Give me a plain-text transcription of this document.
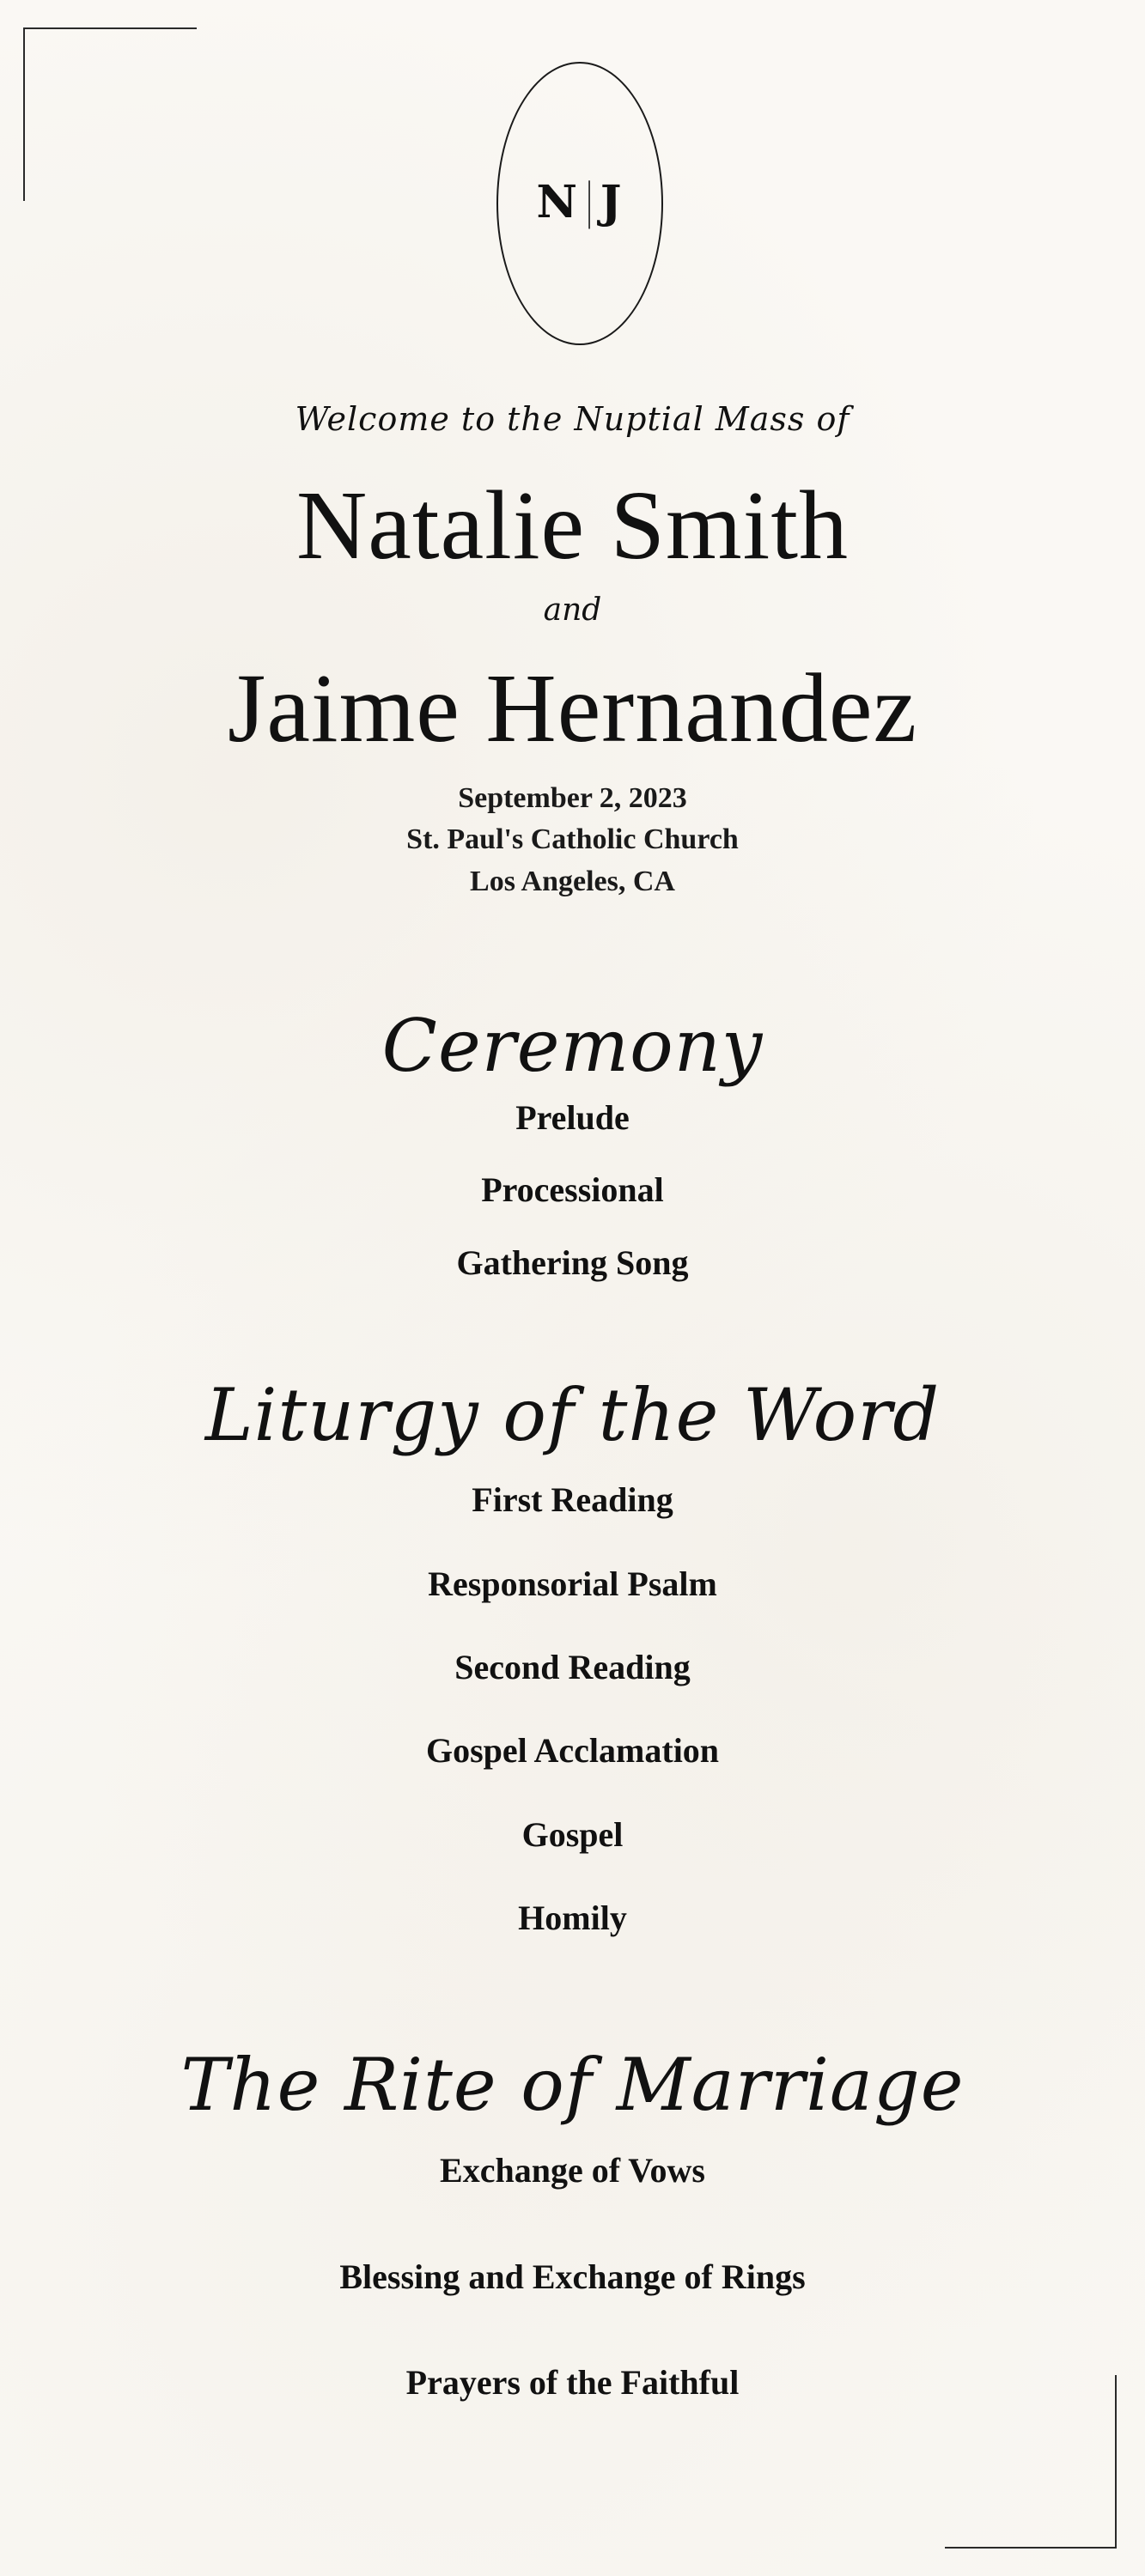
N | J
Welcome to the Nuptial Mass of
Natalie Smith
and
Jaime Hernandez
September 2, 2023
St. Paul's Catholic Church
Los Angeles, CA
Ceremony
Prelude
Processional
Gathering Song
Liturgy of the Word
First Reading
Responsorial Psalm
Second Reading
Gospel Acclamation
Gospel
Homily
The Rite of Marriage
Exchange of Vows
Blessing and Exchange of Rings
Prayers of the Faithful
